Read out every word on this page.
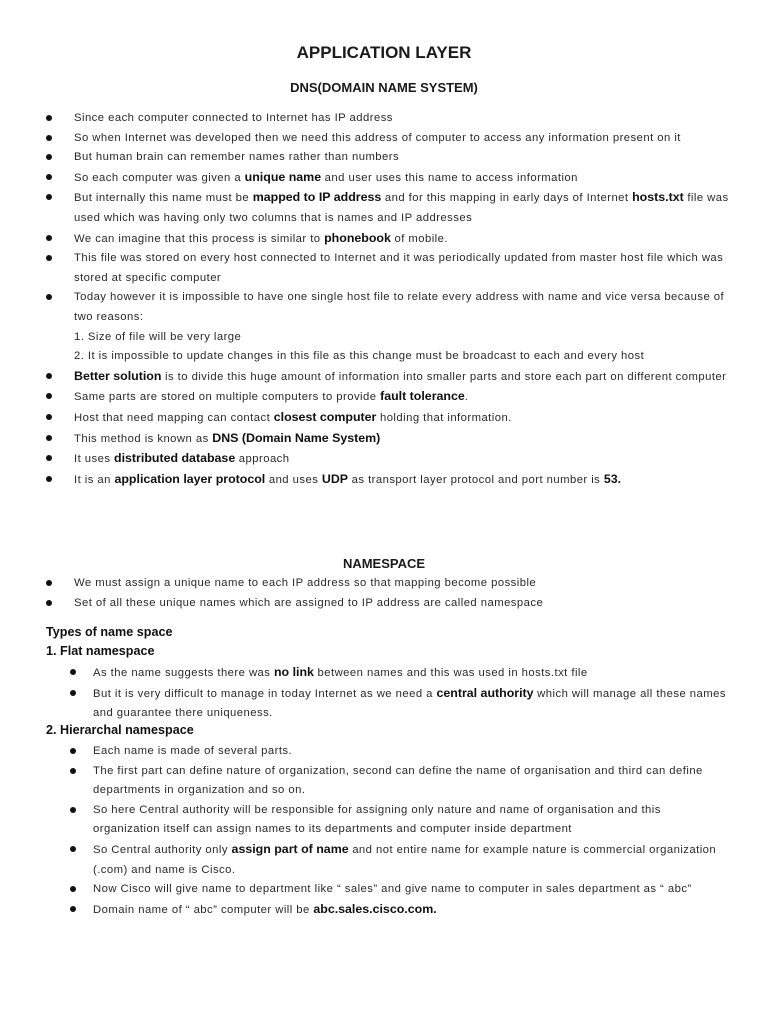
APPLICATION LAYER
DNS(DOMAIN NAME SYSTEM)
Since each computer connected to Internet has IP address
So when Internet was developed then we need this address of computer to access any information present on it
But human brain can remember names rather than numbers
So each computer was given a unique name and user uses this name to access information
But internally this name must be mapped to IP address and for this mapping in early days of Internet hosts.txt file was used which was having only two columns that is names and IP addresses
We can imagine that this process is similar to phonebook of mobile.
This file was stored on every host connected to Internet and it was periodically updated from master host file which was stored at specific computer
Today however it is impossible to have one single host file to relate every address with name and vice versa because of two reasons:
1. Size of file will be very large
2. It is impossible to update changes in this file as this change must be broadcast to each and every host
Better solution is to divide this huge amount of information into smaller parts and store each part on different computer
Same parts are stored on multiple computers to provide fault tolerance.
Host that need mapping can contact closest computer holding that information.
This method is known as DNS (Domain Name System)
It uses distributed database approach
It is an application layer protocol and uses UDP as transport layer protocol and port number is 53.
NAMESPACE
We must assign a unique name to each IP address so that mapping become possible
Set of all these unique names which are assigned to IP address are called namespace
Types of name space
1. Flat namespace
As the name suggests there was no link between names and this was used in hosts.txt file
But it is very difficult to manage in today Internet as we need a central authority which will manage all these names and guarantee there uniqueness.
2. Hierarchal namespace
Each name is made of several parts.
The first part can define nature of organization, second can define the name of organisation and third can define departments in organization and so on.
So here Central authority will be responsible for assigning only nature and name of organisation and this organization itself can assign names to its departments and computer inside department
So Central authority only assign part of name and not entire name for example nature is commercial organization (.com) and name is Cisco.
Now Cisco will give name to department like “ sales” and give name to computer in sales department as “ abc”
Domain name of “ abc” computer will be abc.sales.cisco.com.
